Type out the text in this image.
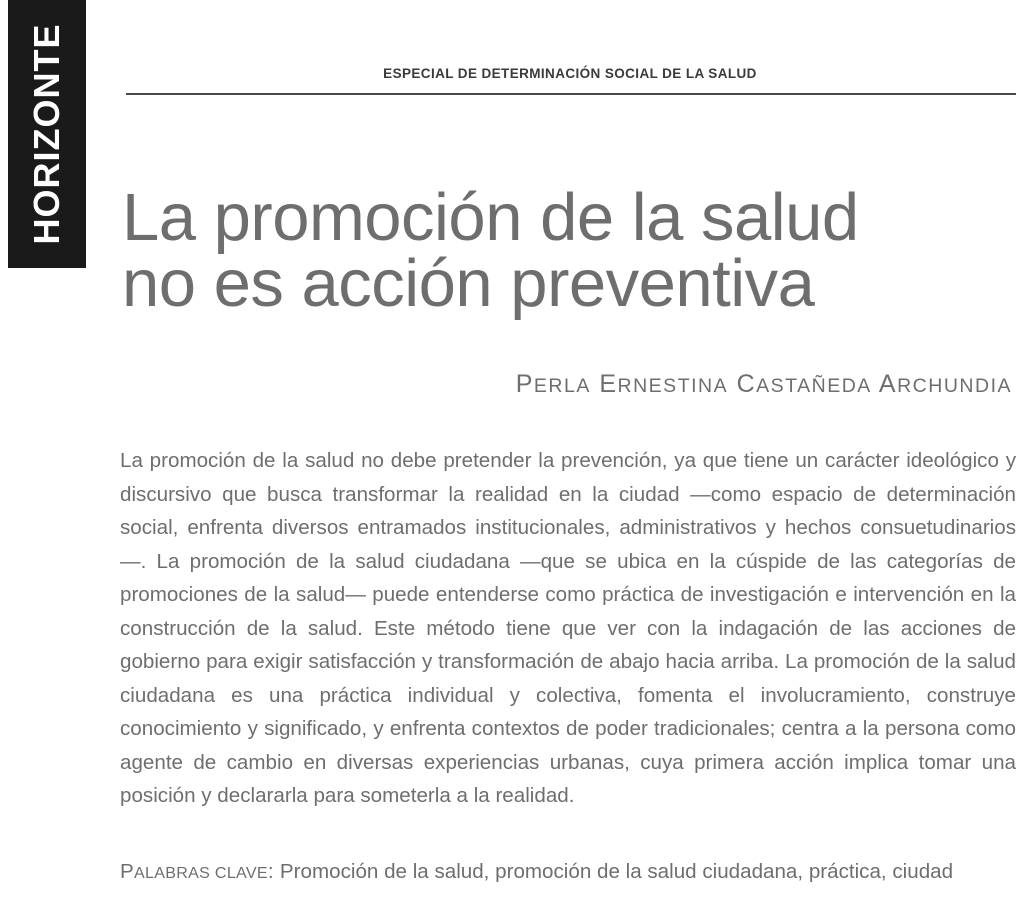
HORIZONTE	ESPECIAL DE DETERMINACIÓN SOCIAL DE LA SALUD
La promoción de la salud
no es acción preventiva
PERLA ERNESTINA CASTAÑEDA ARCHUNDIA

La promoción de la salud no debe pretender la prevención, ya que tiene un carácter ideológico y discursivo que busca transformar la realidad en la ciudad —como espacio de determinación social, enfrenta diversos entramados institucionales, administrativos y hechos consuetudinarios—. La promoción de la salud ciudadana —que se ubica en la cúspide de las categorías de promociones de la salud— puede entenderse como práctica de investigación e intervención en la construcción de la salud. Este método tiene que ver con la indagación de las acciones de gobierno para exigir satisfacción y transformación de abajo hacia arriba. La promoción de la salud ciudadana es una práctica individual y colectiva, fomenta el involucramiento, construye conocimiento y significado, y enfrenta contextos de poder tradicionales; centra a la persona como agente de cambio en diversas experiencias urbanas, cuya primera acción implica tomar una posición y declararla para someterla a la realidad.

PALABRAS CLAVE: Promoción de la salud, promoción de la salud ciudadana, práctica, ciudad
